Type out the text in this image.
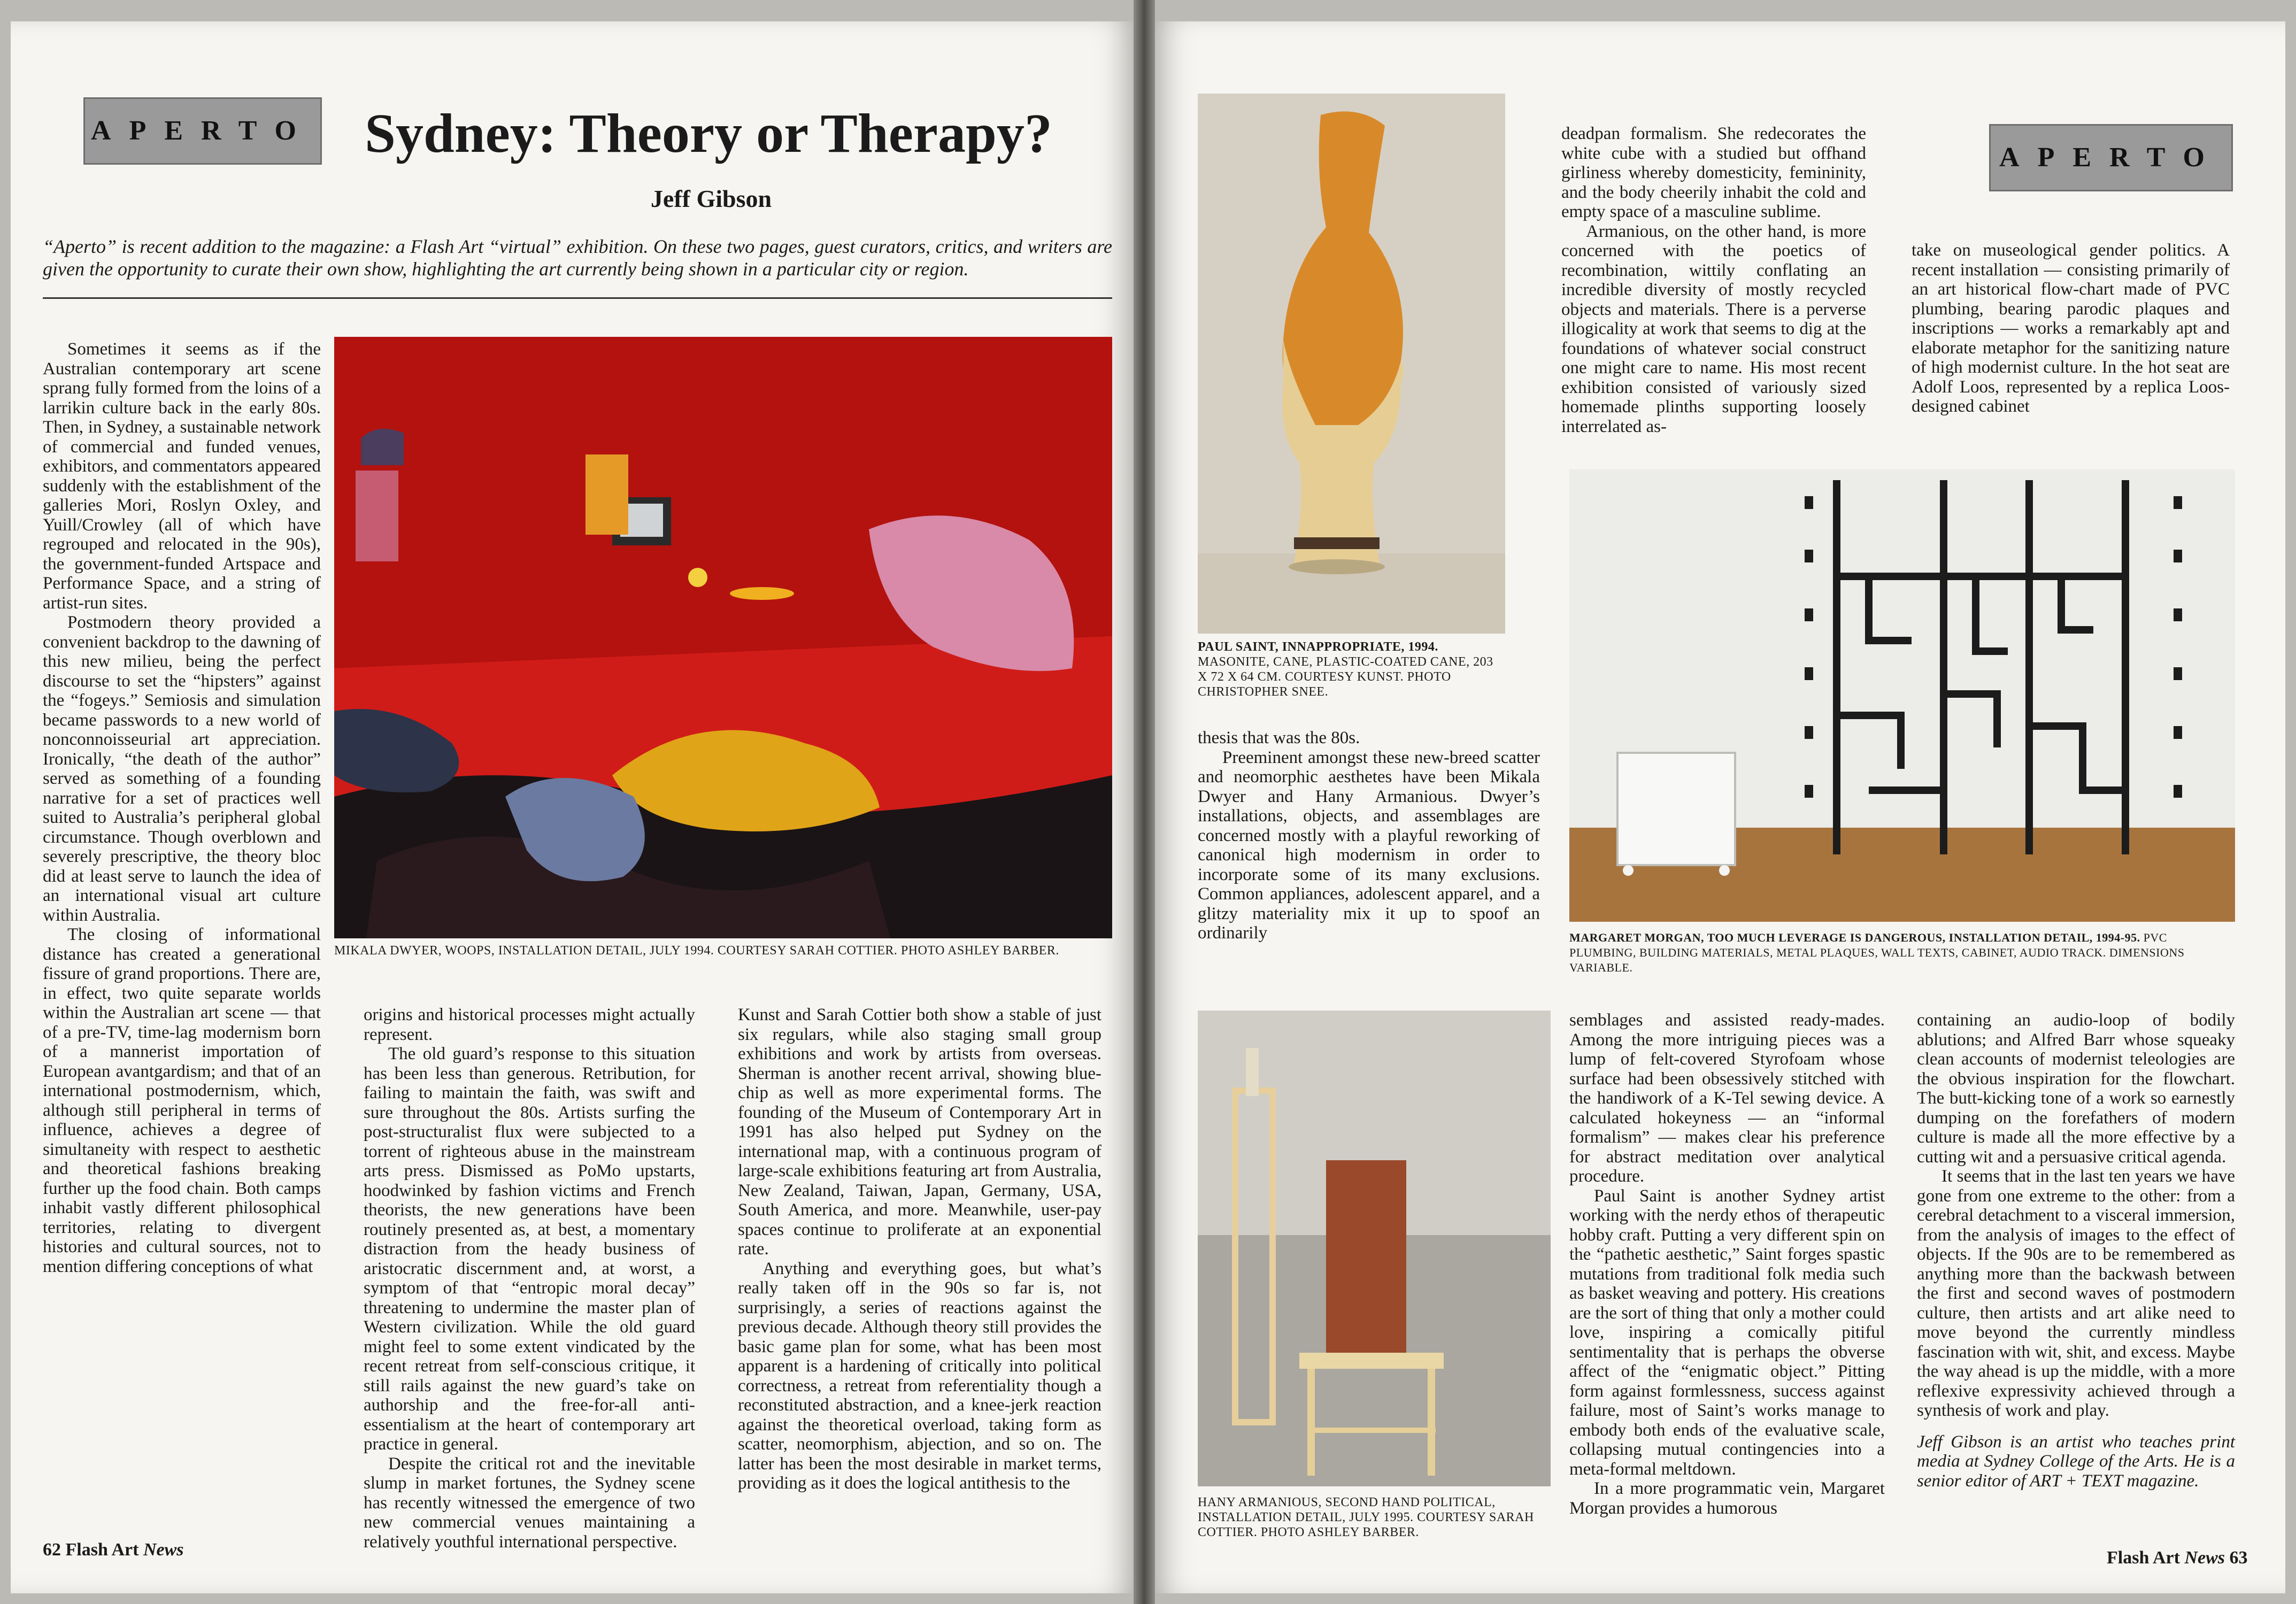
APERTO Sydney: Theory or Therapy?
Jeff Gibson
“Aperto” is recent addition to the magazine: a Flash Art “virtual” exhibition. On these two pages, guest curators, critics, and writers are given the opportunity to curate their own show, highlighting the art currently being shown in a particular city or region.

Sometimes it seems as if the Australian contemporary art scene sprang fully formed from the loins of a larrikin culture back in the early 80s. Then, in Sydney, a sustainable network of commercial and funded venues, exhibitors, and commentators appeared suddenly with the establishment of the galleries Mori, Roslyn Oxley, and Yuill/Crowley (all of which have regrouped and relocated in the 90s), the government-funded Artspace and Performance Space, and a string of artist-run sites.

Postmodern theory provided a convenient backdrop to the dawning of this new milieu, being the perfect discourse to set the “hipsters” against the “fogeys.” Semiosis and simulation became passwords to a new world of nonconnoisseurial art appreciation. Ironically, “the death of the author” served as something of a founding narrative for a set of practices well suited to Australia’s peripheral global circumstance. Though overblown and severely prescriptive, the theory bloc did at least serve to launch the idea of an international visual art culture within Australia.

The closing of informational distance has created a generational fissure of grand proportions. There are, in effect, two quite separate worlds within the Australian art scene — that of a pre-TV, time-lag modernism born of a mannerist importation of European avantgardism; and that of an international postmodernism, which, although still peripheral in terms of influence, achieves a degree of simultaneity with respect to aesthetic and theoretical fashions breaking further up the food chain. Both camps inhabit vastly different philosophical territories, relating to divergent histories and cultural sources, not to mention differing conceptions of what

MIKALA DWYER, WOOPS, INSTALLATION DETAIL, JULY 1994. COURTESY SARAH COTTIER. PHOTO ASHLEY BARBER.

origins and historical processes might actually represent.

The old guard’s response to this situation has been less than generous. Retribution, for failing to maintain the faith, was swift and sure throughout the 80s. Artists surfing the post-structuralist flux were subjected to a torrent of righteous abuse in the mainstream arts press. Dismissed as PoMo upstarts, hoodwinked by fashion victims and French theorists, the new generations have been routinely presented as, at best, a momentary distraction from the heady business of aristocratic discernment and, at worst, a symptom of that “entropic moral decay” threatening to undermine the master plan of Western civilization. While the old guard might feel to some extent vindicated by the recent retreat from self-conscious critique, it still rails against the new guard’s take on authorship and the free-for-all anti-essentialism at the heart of contemporary art practice in general.

Despite the critical rot and the inevitable slump in market fortunes, the Sydney scene has recently witnessed the emergence of two new commercial venues maintaining a relatively youthful international perspective.

Kunst and Sarah Cottier both show a stable of just six regulars, while also staging small group exhibitions and work by artists from overseas. Sherman is another recent arrival, showing blue-chip as well as more experimental forms. The founding of the Museum of Contemporary Art in 1991 has also helped put Sydney on the international map, with a continuous program of large-scale exhibitions featuring art from Australia, New Zealand, Taiwan, Japan, Germany, USA, South America, and more. Meanwhile, user-pay spaces continue to proliferate at an exponential rate.

Anything and everything goes, but what’s really taken off in the 90s so far is, not surprisingly, a series of reactions against the previous decade. Although theory still provides the basic game plan for some, what has been most apparent is a hardening of critically into political correctness, a retreat from referentiality though a reconstituted abstraction, and a knee-jerk reaction against the theoretical overload, taking form as scatter, neomorphism, abjection, and so on. The latter has been the most desirable in market terms, providing as it does the logical antithesis to the

62 Flash Art News
PAUL SAINT, INNAPPROPRIATE, 1994. MASONITE, CANE, PLASTIC-COATED CANE, 203 X 72 X 64 CM. COURTESY KUNST. PHOTO CHRISTOPHER SNEE.

deadpan formalism. She redecorates the white cube with a studied but offhand girliness whereby domesticity, femininity, and the body cheerily inhabit the cold and empty space of a masculine sublime.

Armanious, on the other hand, is more concerned with the poetics of recombination, wittily conflating an incredible diversity of mostly recycled objects and materials. There is a perverse illogicality at work that seems to dig at the foundations of whatever social construct one might care to name. His most recent exhibition consisted of variously sized homemade plinths supporting loosely interrelated as-

APERTO

take on museological gender politics. A recent installation — consisting primarily of an art historical flow-chart made of PVC plumbing, bearing parodic plaques and inscriptions — works a remarkably apt and elaborate metaphor for the sanitizing nature of high modernist culture. In the hot seat are Adolf Loos, represented by a replica Loos-designed cabinet

MARGARET MORGAN, TOO MUCH LEVERAGE IS DANGEROUS, INSTALLATION DETAIL, 1994-95. PVC PLUMBING, BUILDING MATERIALS, METAL PLAQUES, WALL TEXTS, CABINET, AUDIO TRACK. DIMENSIONS VARIABLE.

thesis that was the 80s.

Preeminent amongst these new-breed scatter and neomorphic aesthetes have been Mikala Dwyer and Hany Armanious. Dwyer’s installations, objects, and assemblages are concerned mostly with a playful reworking of canonical high modernism in order to incorporate some of its many exclusions. Common appliances, adolescent apparel, and a glitzy materiality mix it up to spoof an ordinarily

HANY ARMANIOUS, SECOND HAND POLITICAL, INSTALLATION DETAIL, JULY 1995. COURTESY SARAH COTTIER. PHOTO ASHLEY BARBER.

semblages and assisted ready-mades. Among the more intriguing pieces was a lump of felt-covered Styrofoam whose surface had been obsessively stitched with the handiwork of a K-Tel sewing device. A calculated hokeyness — an “informal formalism” — makes clear his preference for abstract meditation over analytical procedure.

Paul Saint is another Sydney artist working with the nerdy ethos of therapeutic hobby craft. Putting a very different spin on the “pathetic aesthetic,” Saint forges spastic mutations from traditional folk media such as basket weaving and pottery. His creations are the sort of thing that only a mother could love, inspiring a comically pitiful sentimentality that is perhaps the obverse affect of the “enigmatic object.” Pitting form against formlessness, success against failure, most of Saint’s works manage to embody both ends of the evaluative scale, collapsing mutual contingencies into a meta-formal meltdown.

In a more programmatic vein, Margaret Morgan provides a humorous

containing an audio-loop of bodily ablutions; and Alfred Barr whose squeaky clean accounts of modernist teleologies are the obvious inspiration for the flowchart. The butt-kicking tone of a work so earnestly dumping on the forefathers of modern culture is made all the more effective by a cutting wit and a persuasive critical agenda.

It seems that in the last ten years we have gone from one extreme to the other: from a cerebral detachment to a visceral immersion, from the analysis of images to the effect of objects. If the 90s are to be remembered as anything more than the backwash between the first and second waves of postmodern culture, then artists and art alike need to move beyond the currently mindless fascination with wit, shit, and excess. Maybe the way ahead is up the middle, with a more reflexive expressivity achieved through a synthesis of work and play.

Jeff Gibson is an artist who teaches print media at Sydney College of the Arts. He is a senior editor of ART + TEXT magazine.

Flash Art News 63
